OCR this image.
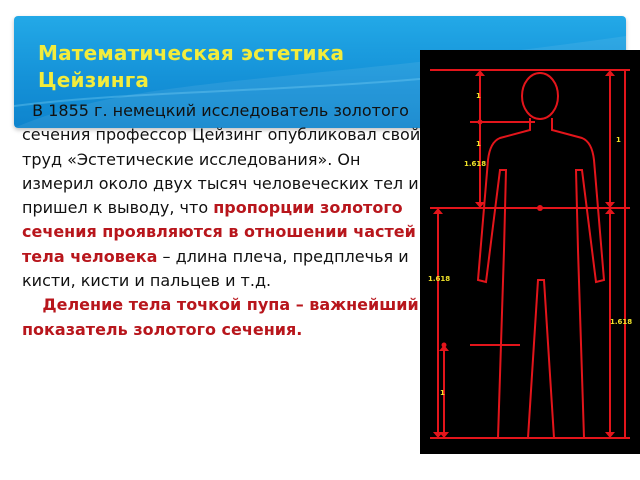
Математическая эстетика
Цейзинга

В 1855 г. немецкий исследователь золотого сечения профессор Цейзинг опубликовал свой труд «Эстетические исследования». Он измерил около двух тысяч человеческих тел и пришел к выводу, что пропорции золотого сечения проявляются в отношении частей тела человека – длина плеча, предплечья и кисти, кисти и пальцев и т.д.

Деление тела точкой пупа – важнейший показатель золотого сечения.

1
1
1.618
1
1.618
1.618
1
